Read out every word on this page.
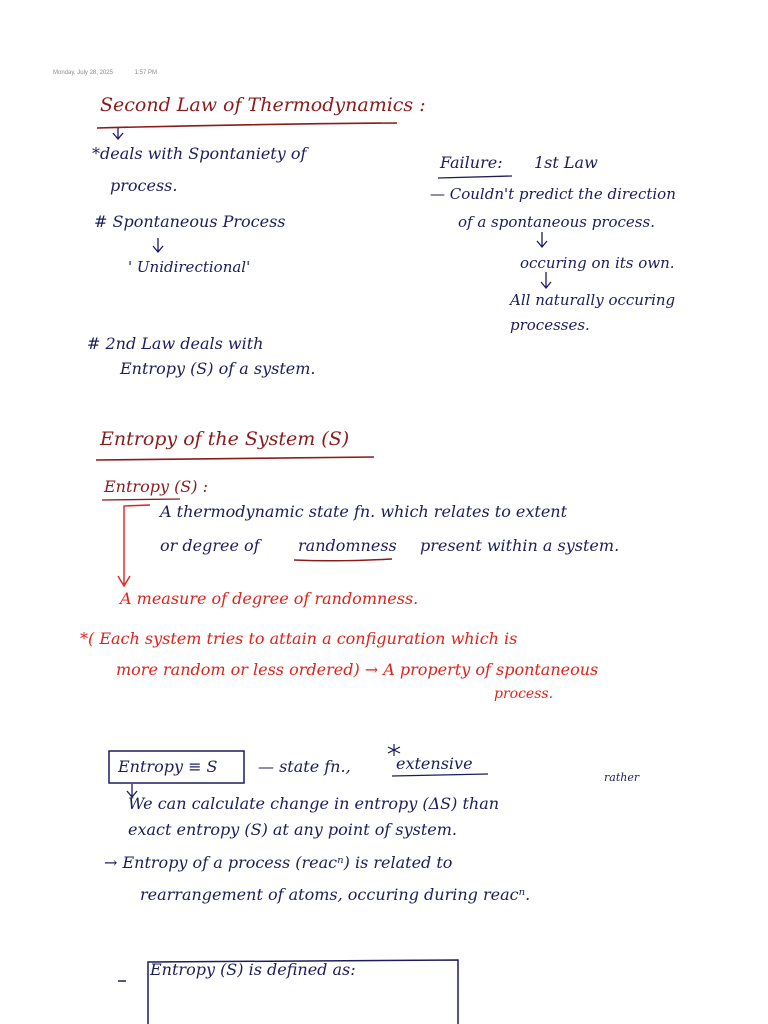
Monday, July 28, 2025	1:57 PM
Second Law of Thermodynamics :
*deals with Spontaniety of
process.
# Spontaneous Process
' Unidirectional'
# 2nd Law deals with
Entropy (S) of a system.
Failure: 1st Law
— Couldn't predict the direction
of a spontaneous process.
occuring on its own.
All naturally occuring
processes.
Entropy of the System (S)
Entropy (S) :
A thermodynamic state fn. which relates to extent
or degree of randomness present within a system.
A measure of degree of randomness.
*( Each system tries to attain a configuration which is
more random or less ordered) → A property of spontaneous
process.
Entropy ≡ S	— state fn.,	extensive
rather
We can calculate change in entropy (ΔS) than
exact entropy (S) at any point of system.
→ Entropy of a process (reacⁿ) is related to
rearrangement of atoms, occuring during reacⁿ.
Entropy (S) is defined as:
